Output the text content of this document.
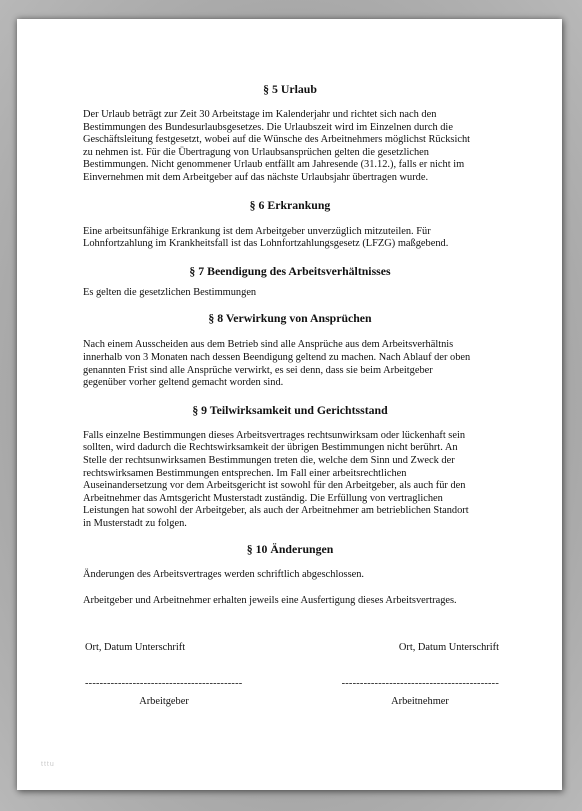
§ 5 Urlaub

Der Urlaub beträgt zur Zeit 30 Arbeitstage im Kalenderjahr und richtet sich nach den
Bestimmungen des Bundesurlaubsgesetzes. Die Urlaubszeit wird im Einzelnen durch die
Geschäftsleitung festgesetzt, wobei auf die Wünsche des Arbeitnehmers möglichst Rücksicht
zu nehmen ist. Für die Übertragung von Urlaubsansprüchen gelten die gesetzlichen
Bestimmungen. Nicht genommener Urlaub entfällt am Jahresende (31.12.), falls er nicht im
Einvernehmen mit dem Arbeitgeber auf das nächste Urlaubsjahr übertragen wurde.

§ 6 Erkrankung

Eine arbeitsunfähige Erkrankung ist dem Arbeitgeber unverzüglich mitzuteilen. Für
Lohnfortzahlung im Krankheitsfall ist das Lohnfortzahlungsgesetz (LFZG) maßgebend.

§ 7 Beendigung des Arbeitsverhältnisses

Es gelten die gesetzlichen Bestimmungen

§ 8 Verwirkung von Ansprüchen

Nach einem Ausscheiden aus dem Betrieb sind alle Ansprüche aus dem Arbeitsverhältnis
innerhalb von 3 Monaten nach dessen Beendigung geltend zu machen. Nach Ablauf der oben
genannten Frist sind alle Ansprüche verwirkt, es sei denn, dass sie beim Arbeitgeber
gegenüber vorher geltend gemacht worden sind.

§ 9 Teilwirksamkeit und Gerichtsstand

Falls einzelne Bestimmungen dieses Arbeitsvertrages rechtsunwirksam oder lückenhaft sein
sollten, wird dadurch die Rechtswirksamkeit der übrigen Bestimmungen nicht berührt. An
Stelle der rechtsunwirksamen Bestimmungen treten die, welche dem Sinn und Zweck der
rechtswirksamen Bestimmungen entsprechen. Im Fall einer arbeitsrechtlichen
Auseinandersetzung vor dem Arbeitsgericht ist sowohl für den Arbeitgeber, als auch für den
Arbeitnehmer das Amtsgericht Musterstadt zuständig. Die Erfüllung von vertraglichen
Leistungen hat sowohl der Arbeitgeber, als auch der Arbeitnehmer am betrieblichen Standort
in Musterstadt zu folgen.

§ 10 Änderungen

Änderungen des Arbeitsvertrages werden schriftlich abgeschlossen.

Arbeitgeber und Arbeitnehmer erhalten jeweils eine Ausfertigung dieses Arbeitsvertrages.

Ort, Datum Unterschrift	Ort, Datum Unterschrift
-------------------------------------------	-------------------------------------------
Arbeitgeber	Arbeitnehmer
tttu
